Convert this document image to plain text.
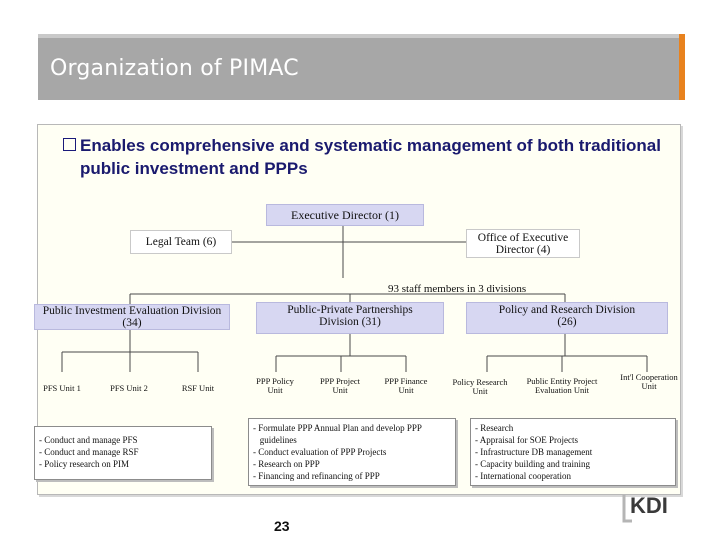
Organization of PIMAC
Enables comprehensive and systematic management of both traditional public investment and PPPs
Executive Director (1)
Legal Team (6)	Office of Executive Director (4)
93 staff members in 3 divisions
Public Investment Evaluation Division (34)
Public-Private Partnerships Division (31)
Policy and Research Division (26)
PFS Unit 1	PFS Unit 2	RSF Unit
PPP Policy Unit
PPP Project Unit
PPP Finance Unit
Policy Research Unit
Public Entity Project Evaluation Unit
Int'l Cooperation Unit
- Conduct and manage PFS
- Conduct and manage RSF
- Policy research on PIM
- Formulate PPP Annual Plan and develop PPP
guidelines
- Conduct evaluation of PPP Projects
- Research on PPP
- Financing and refinancing of PPP
- Research
- Appraisal for SOE Projects
- Infrastructure DB management
- Capacity building and training
- International cooperation
23
KDI
